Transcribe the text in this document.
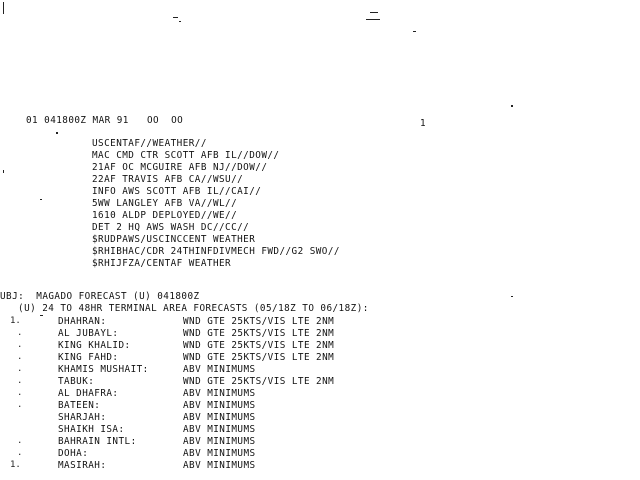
01 041800Z MAR 91   OO  OO	1
USCENTAF//WEATHER//
MAC CMD CTR SCOTT AFB IL//DOW//
21AF OC MCGUIRE AFB NJ//DOW//
22AF TRAVIS AFB CA//WSU//
INFO AWS SCOTT AFB IL//CAI//
5WW LANGLEY AFB VA//WL//
1610 ALDP DEPLOYED//WE//
DET 2 HQ AWS WASH DC//CC//
$RUDPAWS/USCINCCENT WEATHER
$RHIBHAC/CDR 24THINFDIVMECH FWD//G2 SWO//
$RHIJFZA/CENTAF WEATHER
UBJ:  MAGADO FORECAST (U) 041800Z
(U) 24 TO 48HR TERMINAL AREA FORECASTS (05/18Z TO 06/18Z):
1.	DHAHRAN:	WND GTE 25KTS/VIS LTE 2NM
.	AL JUBAYL:	WND GTE 25KTS/VIS LTE 2NM
.	KING KHALID:	WND GTE 25KTS/VIS LTE 2NM
.	KING FAHD:	WND GTE 25KTS/VIS LTE 2NM
.	KHAMIS MUSHAIT:	ABV MINIMUMS
.	TABUK:	WND GTE 25KTS/VIS LTE 2NM
.	AL DHAFRA:	ABV MINIMUMS
.	BATEEN:	ABV MINIMUMS
SHARJAH:	ABV MINIMUMS
SHAIKH ISA:	ABV MINIMUMS
.	BAHRAIN INTL:	ABV MINIMUMS
.	DOHA:	ABV MINIMUMS
1.	MASIRAH:	ABV MINIMUMS
